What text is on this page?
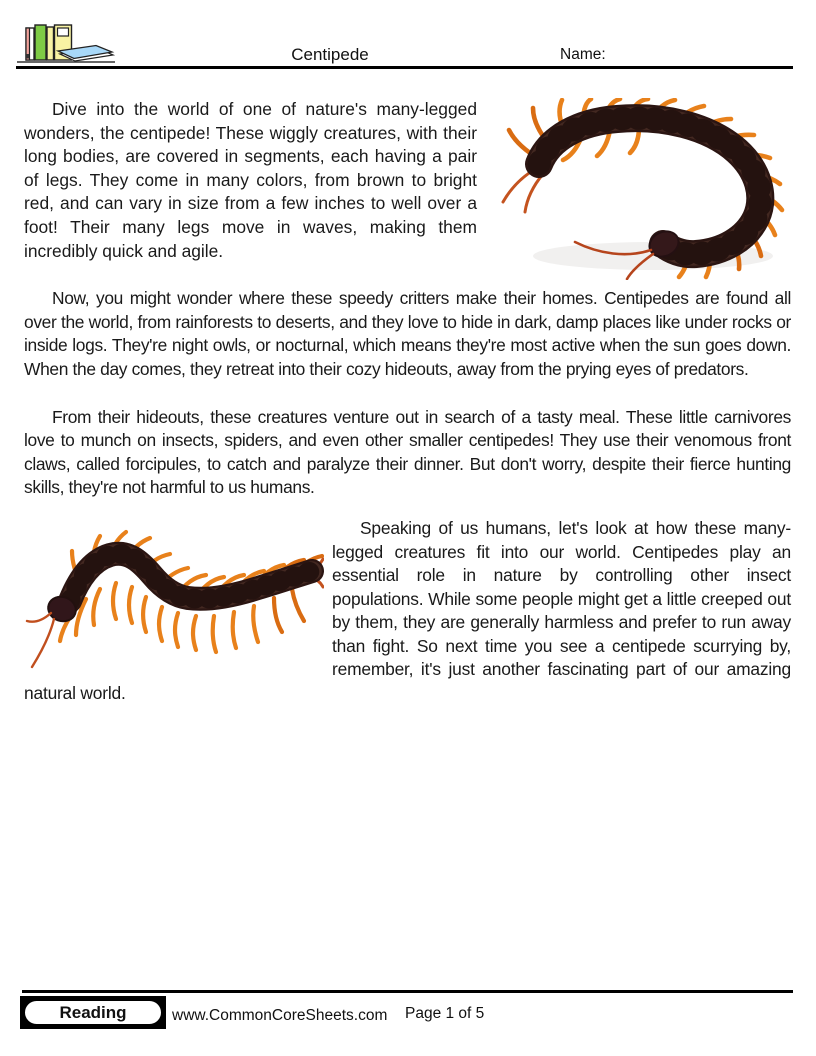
Centipede	Name:

Dive into the world of one of nature's many-legged wonders, the centipede! These wiggly creatures, with their long bodies, are covered in segments, each having a pair of legs. They come in many colors, from brown to bright red, and can vary in size from a few inches to well over a foot! Their many legs move in waves, making them incredibly quick and agile.

Now, you might wonder where these speedy critters make their homes. Centipedes are found all over the world, from rainforests to deserts, and they love to hide in dark, damp places like under rocks or inside logs. They're night owls, or nocturnal, which means they're most active when the sun goes down. When the day comes, they retreat into their cozy hideouts, away from the prying eyes of predators.

From their hideouts, these creatures venture out in search of a tasty meal. These little carnivores love to munch on insects, spiders, and even other smaller centipedes! They use their venomous front claws, called forcipules, to catch and paralyze their dinner. But don't worry, despite their fierce hunting skills, they're not harmful to us humans.

Speaking of us humans, let's look at how these many-legged creatures fit into our world. Centipedes play an essential role in nature by controlling other insect populations. While some people might get a little creeped out by them, they are generally harmless and prefer to run away than fight. So next time you see a centipede scurrying by, remember, it's just another fascinating part of our amazing natural world.

Reading	www.CommonCoreSheets.com Page 1 of 5
